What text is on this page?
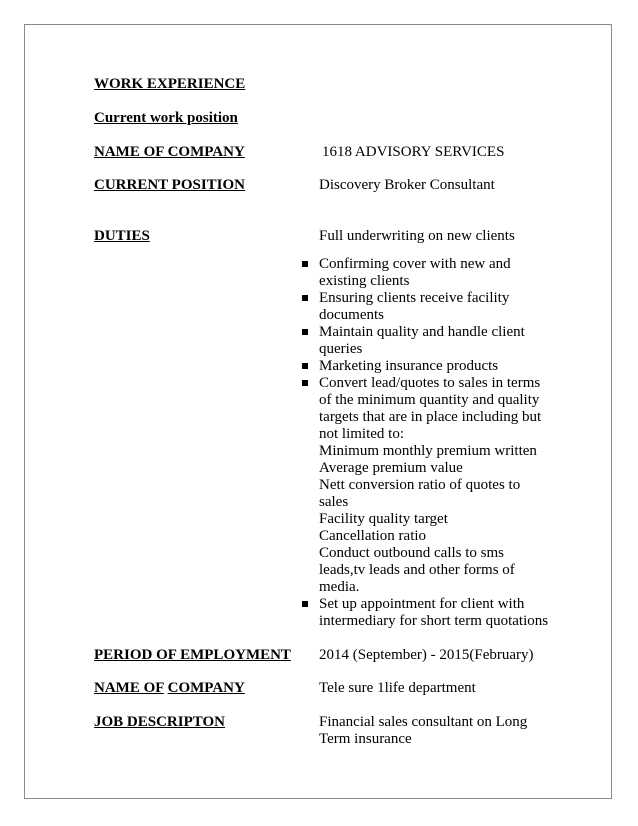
WORK EXPERIENCE
Current work position
NAME OF COMPANY	1618 ADVISORY SERVICES
CURRENT POSITION	Discovery Broker Consultant
DUTIES	Full underwriting on new clients
Confirming cover with new and
existing clients
Ensuring clients receive facility
documents
Maintain quality and handle client
queries
Marketing insurance products
Convert lead/quotes to sales in terms
of the minimum quantity and quality
targets that are in place including but
not limited to:
Minimum monthly premium written
Average premium value
Nett conversion ratio of quotes to
sales
Facility quality target
Cancellation ratio
Conduct outbound calls to sms
leads,tv leads and other forms of
media.
Set up appointment for client with
intermediary for short term quotations
PERIOD OF EMPLOYMENT 2014 (September) - 2015(February)
NAME OF COMPANY	Tele sure 1life department
JOB DESCRIPTON	Financial sales consultant on Long
Term insurance
